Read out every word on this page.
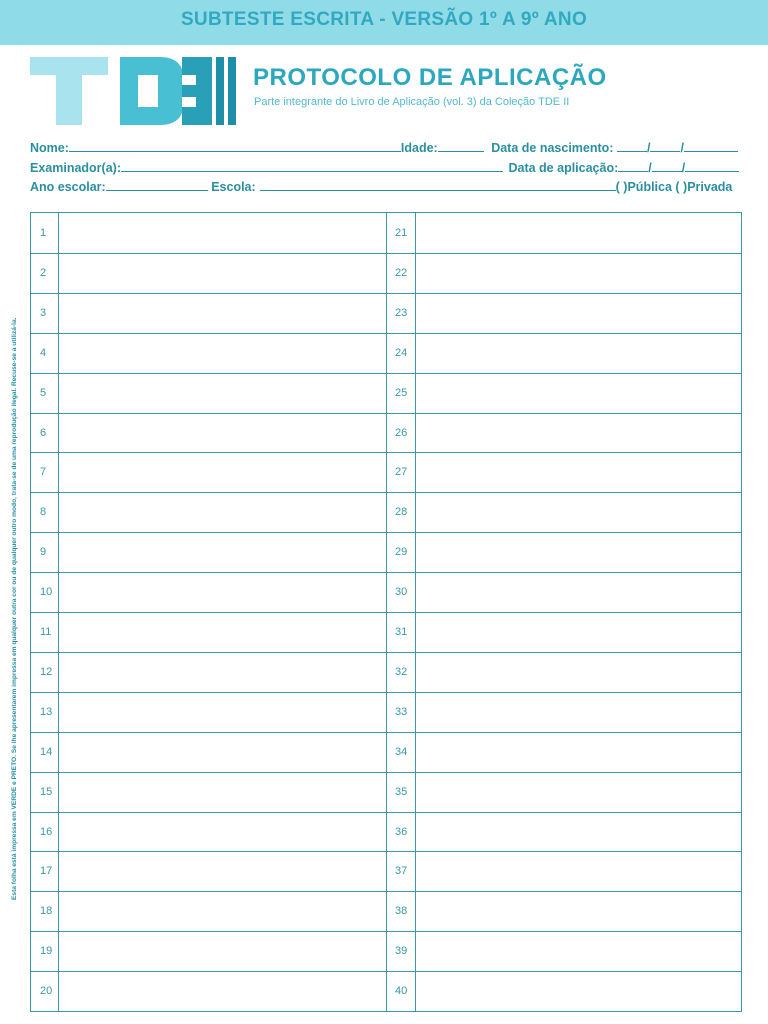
SUBTESTE ESCRITA - VERSÃO 1º A 9º ANO
PROTOCOLO DE APLICAÇÃO
Parte integrante do Livro de Aplicação (vol. 3) da Coleção TDE II
Nome:	Idade:	Data de nascimento:	/ /
Examinador(a):	Data de aplicação: / /
Ano escolar:	Escola:	( )Pública ( )Privada
Esta folha está impressa em VERDE e PRETO. Se lhe apresentarem impressa em qualquer outra cor ou de qualquer outro modo, trata-se de uma reprodução ilegal. Recuse-se a utilizá-la.
1	21
2	22
3	23
4	24
5	25
6	26
7	27
8	28
9	29
10	30
11	31
12	32
13	33
14	34
15	35
16	36
17	37
18	38
19	39
20	40
